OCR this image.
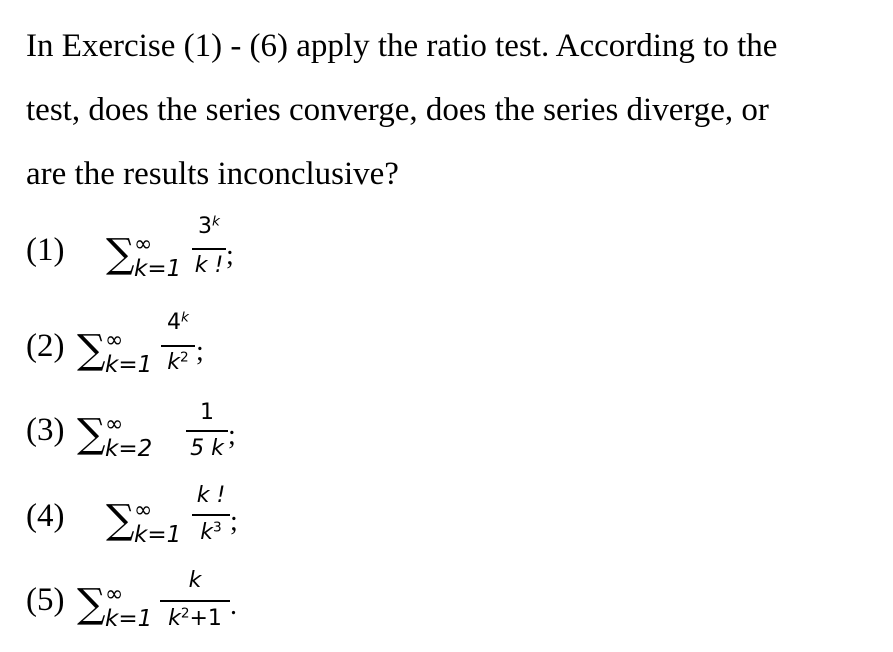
In Exercise (1) - (6) apply the ratio test. According to the
test, does the series converge, does the series diverge, or
are the results inconclusive?
(1) ∑ ∞
k=1
3$^k$
k ! ;
(2) ∑ ∞
k=1
4$^k$
$k^2$ ;
(3) ∑ ∞
k=2
1
5 k ;
(4) ∑ ∞
k=1
k !
$k^3$ ;
(5) ∑ ∞
k=1
k
$k^2+1$ .
